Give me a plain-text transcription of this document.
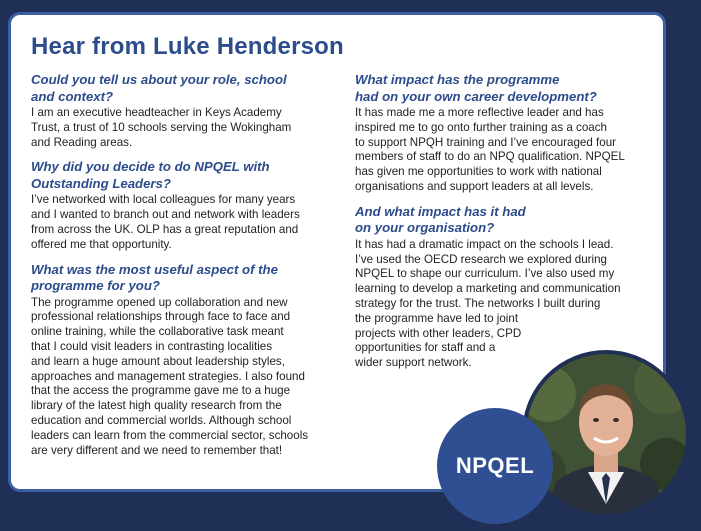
Hear from Luke Henderson

Could you tell us about your role, school
and context?

I am an executive headteacher in Keys Academy
Trust, a trust of 10 schools serving the Wokingham
and Reading areas.

Why did you decide to do NPQEL with
Outstanding Leaders?

I’ve networked with local colleagues for many years
and I wanted to branch out and network with leaders
from across the UK. OLP has a great reputation and
offered me that opportunity.

What was the most useful aspect of the
programme for you?

The programme opened up collaboration and new
professional relationships through face to face and
online training, while the collaborative task meant
that I could visit leaders in contrasting localities
and learn a huge amount about leadership styles,
approaches and management strategies. I also found
that the access the programme gave me to a huge
library of the latest high quality research from the
education and commercial worlds. Although school
leaders can learn from the commercial sector, schools
are very different and we need to remember that!

What impact has the programme
had on your own career development?

It has made me a more reflective leader and has
inspired me to go onto further training as a coach
to support NPQH training and I’ve encouraged four
members of staff to do an NPQ qualification. NPQEL
has given me opportunities to work with national
organisations and support leaders at all levels.

And what impact has it had
on your organisation?

It has had a dramatic impact on the schools I lead.
I’ve used the OECD research we explored during
NPQEL to shape our curriculum. I’ve also used my
learning to develop a marketing and communication
strategy for the trust. The networks I built during
the programme have led to joint
projects with other leaders, CPD
opportunities for staff and a
wider support network.

NPQEL
